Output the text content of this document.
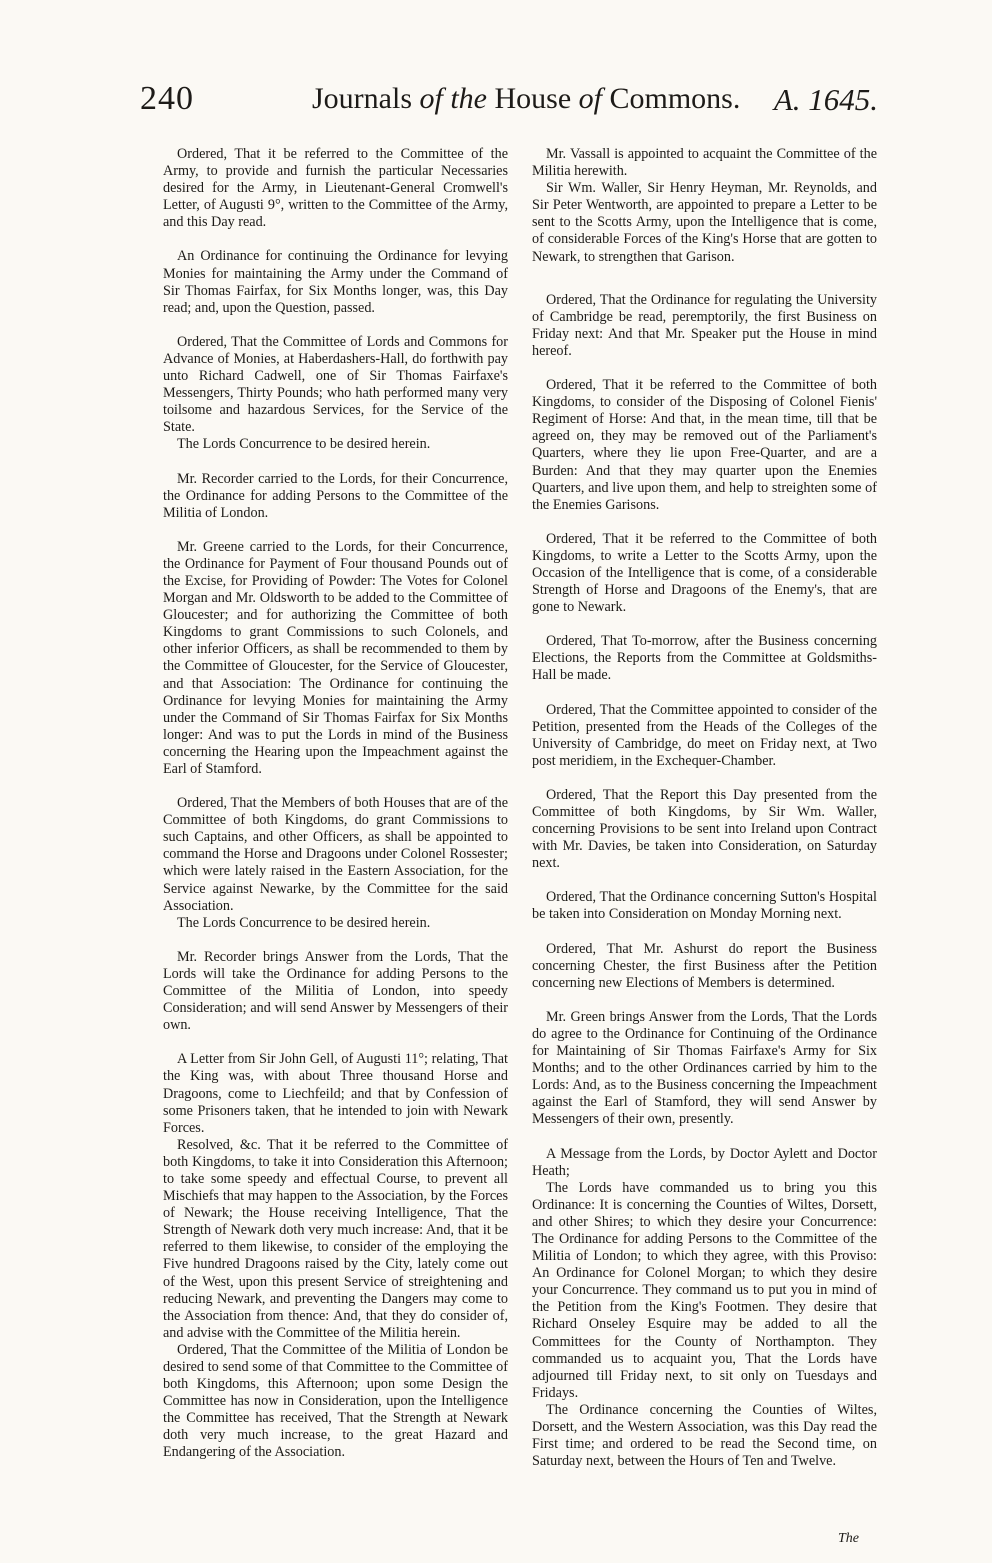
240	Journals of the House of Commons. A. 1645.

Ordered, That it be referred to the Committee of the Army, to provide and furnish the particular Necessaries desired for the Army, in Lieutenant-General Cromwell's Letter, of Augusti 9°, written to the Committee of the Army, and this Day read.

An Ordinance for continuing the Ordinance for levying Monies for maintaining the Army under the Command of Sir Thomas Fairfax, for Six Months longer, was, this Day read; and, upon the Question, passed.

Ordered, That the Committee of Lords and Commons for Advance of Monies, at Haberdashers-Hall, do forthwith pay unto Richard Cadwell, one of Sir Thomas Fairfaxe's Messengers, Thirty Pounds; who hath performed many very toilsome and hazardous Services, for the Service of the State.

The Lords Concurrence to be desired herein.

Mr. Recorder carried to the Lords, for their Concurrence, the Ordinance for adding Persons to the Committee of the Militia of London.

Mr. Greene carried to the Lords, for their Concurrence, the Ordinance for Payment of Four thousand Pounds out of the Excise, for Providing of Powder: The Votes for Colonel Morgan and Mr. Oldsworth to be added to the Committee of Gloucester; and for authorizing the Committee of both Kingdoms to grant Commissions to such Colonels, and other inferior Officers, as shall be recommended to them by the Committee of Gloucester, for the Service of Gloucester, and that Association: The Ordinance for continuing the Ordinance for levying Monies for maintaining the Army under the Command of Sir Thomas Fairfax for Six Months longer: And was to put the Lords in mind of the Business concerning the Hearing upon the Impeachment against the Earl of Stamford.

Ordered, That the Members of both Houses that are of the Committee of both Kingdoms, do grant Commissions to such Captains, and other Officers, as shall be appointed to command the Horse and Dragoons under Colonel Rossester; which were lately raised in the Eastern Association, for the Service against Newarke, by the Committee for the said Association.

The Lords Concurrence to be desired herein.

Mr. Recorder brings Answer from the Lords, That the Lords will take the Ordinance for adding Persons to the Committee of the Militia of London, into speedy Consideration; and will send Answer by Messengers of their own.

A Letter from Sir John Gell, of Augusti 11°; relating, That the King was, with about Three thousand Horse and Dragoons, come to Liechfeild; and that by Confession of some Prisoners taken, that he intended to join with Newark Forces.

Resolved, &c. That it be referred to the Committee of both Kingdoms, to take it into Consideration this Afternoon; to take some speedy and effectual Course, to prevent all Mischiefs that may happen to the Association, by the Forces of Newark; the House receiving Intelligence, That the Strength of Newark doth very much increase: And, that it be referred to them likewise, to consider of the employing the Five hundred Dragoons raised by the City, lately come out of the West, upon this present Service of streightening and reducing Newark, and preventing the Dangers may come to the Association from thence: And, that they do consider of, and advise with the Committee of the Militia herein.

Ordered, That the Committee of the Militia of London be desired to send some of that Committee to the Committee of both Kingdoms, this Afternoon; upon some Design the Committee has now in Consideration, upon the Intelligence the Committee has received, That the Strength at Newark doth very much increase, to the great Hazard and Endangering of the Association.

Mr. Vassall is appointed to acquaint the Committee of the Militia herewith.

Sir Wm. Waller, Sir Henry Heyman, Mr. Reynolds, and Sir Peter Wentworth, are appointed to prepare a Letter to be sent to the Scotts Army, upon the Intelligence that is come, of considerable Forces of the King's Horse that are gotten to Newark, to strengthen that Garison.

Ordered, That the Ordinance for regulating the University of Cambridge be read, peremptorily, the first Business on Friday next: And that Mr. Speaker put the House in mind hereof.

Ordered, That it be referred to the Committee of both Kingdoms, to consider of the Disposing of Colonel Fienis' Regiment of Horse: And that, in the mean time, till that be agreed on, they may be removed out of the Parliament's Quarters, where they lie upon Free-Quarter, and are a Burden: And that they may quarter upon the Enemies Quarters, and live upon them, and help to streighten some of the Enemies Garisons.

Ordered, That it be referred to the Committee of both Kingdoms, to write a Letter to the Scotts Army, upon the Occasion of the Intelligence that is come, of a considerable Strength of Horse and Dragoons of the Enemy's, that are gone to Newark.

Ordered, That To-morrow, after the Business concerning Elections, the Reports from the Committee at Goldsmiths-Hall be made.

Ordered, That the Committee appointed to consider of the Petition, presented from the Heads of the Colleges of the University of Cambridge, do meet on Friday next, at Two post meridiem, in the Exchequer-Chamber.

Ordered, That the Report this Day presented from the Committee of both Kingdoms, by Sir Wm. Waller, concerning Provisions to be sent into Ireland upon Contract with Mr. Davies, be taken into Consideration, on Saturday next.

Ordered, That the Ordinance concerning Sutton's Hospital be taken into Consideration on Monday Morning next.

Ordered, That Mr. Ashurst do report the Business concerning Chester, the first Business after the Petition concerning new Elections of Members is determined.

Mr. Green brings Answer from the Lords, That the Lords do agree to the Ordinance for Continuing of the Ordinance for Maintaining of Sir Thomas Fairfaxe's Army for Six Months; and to the other Ordinances carried by him to the Lords: And, as to the Business concerning the Impeachment against the Earl of Stamford, they will send Answer by Messengers of their own, presently.

A Message from the Lords, by Doctor Aylett and Doctor Heath;

The Lords have commanded us to bring you this Ordinance: It is concerning the Counties of Wiltes, Dorsett, and other Shires; to which they desire your Concurrence: The Ordinance for adding Persons to the Committee of the Militia of London; to which they agree, with this Proviso: An Ordinance for Colonel Morgan; to which they desire your Concurrence. They command us to put you in mind of the Petition from the King's Footmen. They desire that Richard Onseley Esquire may be added to all the Committees for the County of Northampton. They commanded us to acquaint you, That the Lords have adjourned till Friday next, to sit only on Tuesdays and Fridays.

The Ordinance concerning the Counties of Wiltes, Dorsett, and the Western Association, was this Day read the First time; and ordered to be read the Second time, on Saturday next, between the Hours of Ten and Twelve.

The
